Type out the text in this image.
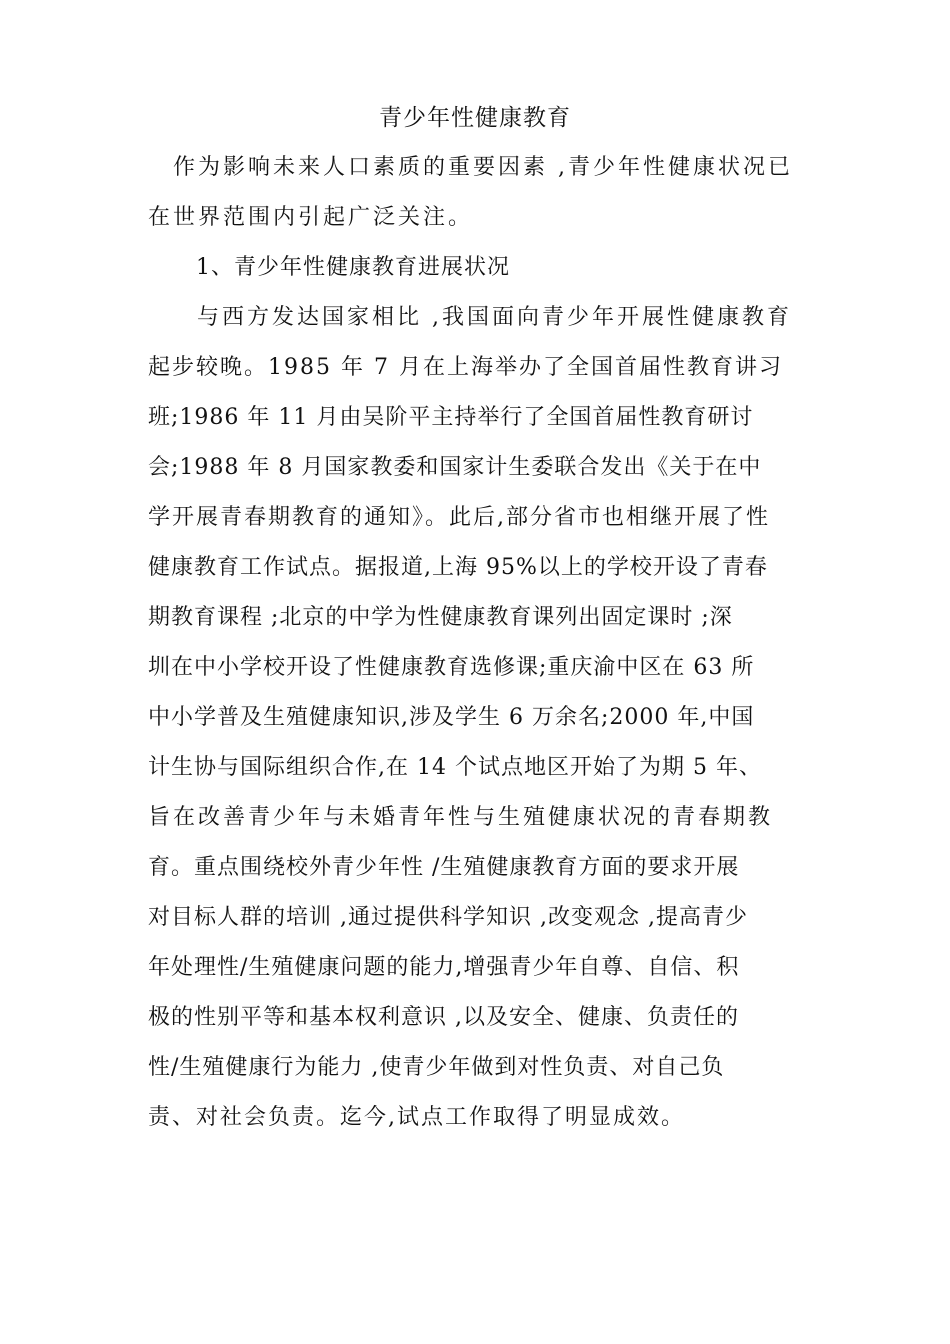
青少年性健康教育
作为影响未来人口素质的重要因素 ,青少年性健康状况已
在世界范围内引起广泛关注。
1、青少年性健康教育进展状况
与西方发达国家相比 ,我国面向青少年开展性健康教育
起步较晚。1985 年 7 月在上海举办了全国首届性教育讲习
班;1986 年 11 月由吴阶平主持举行了全国首届性教育研讨
会;1988 年 8 月国家教委和国家计生委联合发出《关于在中
学开展青春期教育的通知》。此后,部分省市也相继开展了性
健康教育工作试点。据报道,上海 95%以上的学校开设了青春
期教育课程 ;北京的中学为性健康教育课列出固定课时 ;深
圳在中小学校开设了性健康教育选修课;重庆渝中区在 63 所
中小学普及生殖健康知识,涉及学生 6 万余名;2000 年,中国
计生协与国际组织合作,在 14 个试点地区开始了为期 5 年、
旨在改善青少年与未婚青年性与生殖健康状况的青春期教
育。重点围绕校外青少年性 /生殖健康教育方面的要求开展
对目标人群的培训 ,通过提供科学知识 ,改变观念 ,提高青少
年处理性/生殖健康问题的能力,增强青少年自尊、自信、积
极的性别平等和基本权利意识 ,以及安全、健康、负责任的
性/生殖健康行为能力 ,使青少年做到对性负责、对自己负
责、对社会负责。迄今,试点工作取得了明显成效。
